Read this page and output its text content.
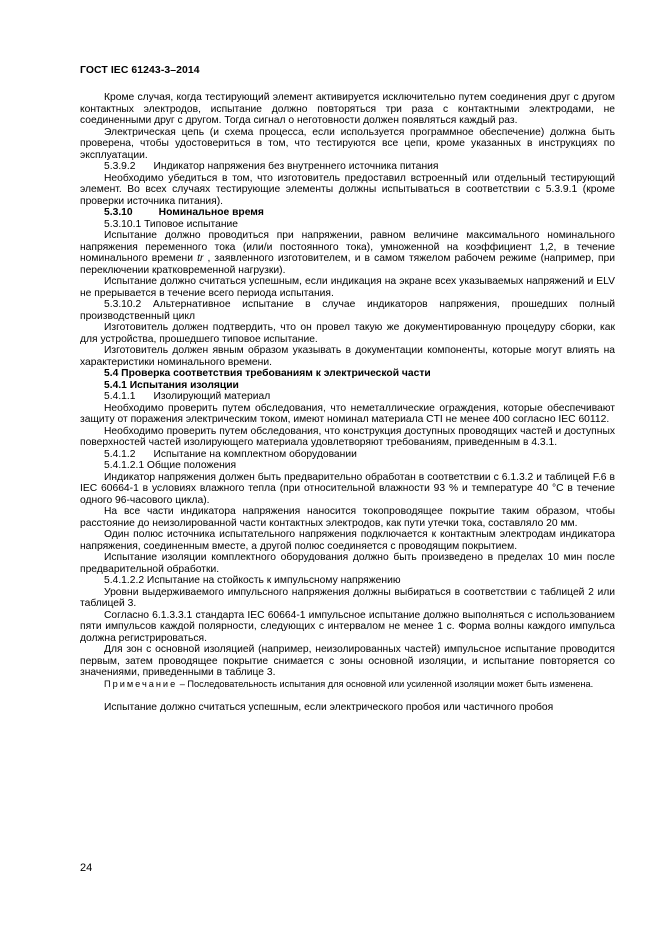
ГОСТ IEC 61243-3–2014

Кроме случая, когда тестирующий элемент активируется исключительно путем соединения друг с другом контактных электродов, испытание должно повторяться три раза с контактными электродами, не соединенными друг с другом. Тогда сигнал о неготовности должен появляться каждый раз.

Электрическая цепь (и схема процесса, если используется программное обеспечение) должна быть проверена, чтобы удостовериться в том, что тестируются все цепи, кроме указанных в инструкциях по эксплуатации.

5.3.9.2 Индикатор напряжения без внутреннего источника питания

Необходимо убедиться в том, что изготовитель предоставил встроенный или отдельный тестирующий элемент. Во всех случаях тестирующие элементы должны испытываться в соответствии с 5.3.9.1 (кроме проверки источника питания).

5.3.10	Номинальное время

5.3.10.1 Типовое испытание

Испытание должно проводиться при напряжении, равном величине максимального номинального напряжения переменного тока (или/и постоянного тока), умноженной на коэффициент 1,2, в течение номинального времени tr , заявленного изготовителем, и в самом тяжелом рабочем режиме (например, при переключении кратковременной нагрузки).

Испытание должно считаться успешным, если индикация на экране всех указываемых напряжений и ELV не прерывается в течение всего периода испытания.

5.3.10.2 Альтернативное испытание в случае индикаторов напряжения, прошедших полный производственный цикл

Изготовитель должен подтвердить, что он провел такую же документированную процедуру сборки, как для устройства, прошедшего типовое испытание.

Изготовитель должен явным образом указывать в документации компоненты, которые могут влиять на характеристики номинального времени.

5.4 Проверка соответствия требованиям к электрической части

5.4.1 Испытания изоляции

5.4.1.1 Изолирующий материал

Необходимо проверить путем обследования, что неметаллические ограждения, которые обеспечивают защиту от поражения электрическим током, имеют номинал материала CTI не менее 400 согласно IEC 60112.

Необходимо проверить путем обследования, что конструкция доступных проводящих частей и доступных поверхностей частей изолирующего материала удовлетворяют требованиям, приведенным в 4.3.1.

5.4.1.2 Испытание на комплектном оборудовании

5.4.1.2.1 Общие положения

Индикатор напряжения должен быть предварительно обработан в соответствии с 6.1.3.2 и таблицей F.6 в IEC 60664-1 в условиях влажного тепла (при относительной влажности 93 % и температуре 40 °C в течение одного 96-часового цикла).

На все части индикатора напряжения наносится токопроводящее покрытие таким образом, чтобы расстояние до неизолированной части контактных электродов, как пути утечки тока, составляло 20 мм.

Один полюс источника испытательного напряжения подключается к контактным электродам индикатора напряжения, соединенным вместе, а другой полюс соединяется с проводящим покрытием.

Испытание изоляции комплектного оборудования должно быть произведено в пределах 10 мин после предварительной обработки.

5.4.1.2.2 Испытание на стойкость к импульсному напряжению

Уровни выдерживаемого импульсного напряжения должны выбираться в соответствии с таблицей 2 или таблицей 3.

Согласно 6.1.3.3.1 стандарта IEC 60664-1 импульсное испытание должно выполняться с использованием пяти импульсов каждой полярности, следующих с интервалом не менее 1 с. Форма волны каждого импульса должна регистрироваться.

Для зон с основной изоляцией (например, неизолированных частей) импульсное испытание проводится первым, затем проводящее покрытие снимается с зоны основной изоляции, и испытание повторяется со значениями, приведенными в таблице 3.

Примечание – Последовательность испытания для основной или усиленной изоляции может быть изменена.

Испытание должно считаться успешным, если электрического пробоя или частичного пробоя

24
